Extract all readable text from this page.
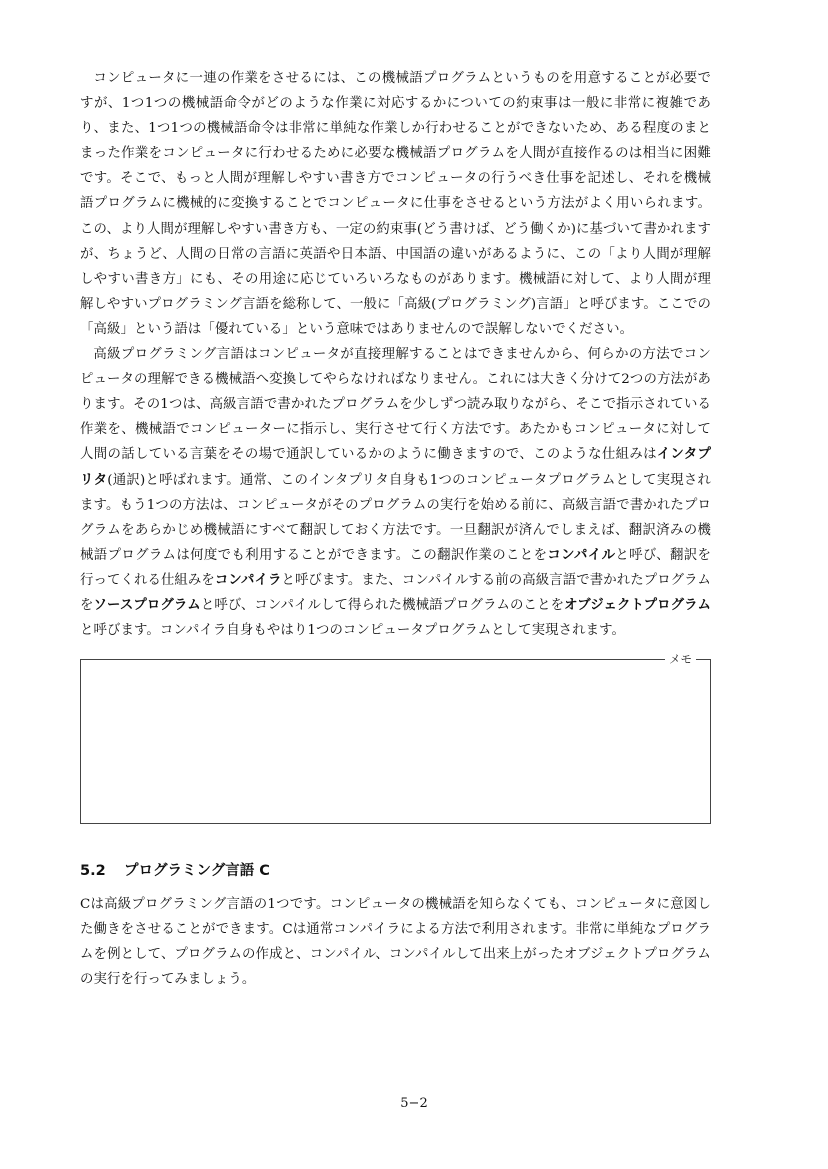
コンピュータに一連の作業をさせるには、この機械語プログラムというものを用意することが必要ですが、1つ1つの機械語命令がどのような作業に対応するかについての約束事は一般に非常に複雑であり、また、1つ1つの機械語命令は非常に単純な作業しか行わせることができないため、ある程度のまとまった作業をコンピュータに行わせるために必要な機械語プログラムを人間が直接作るのは相当に困難です。そこで、もっと人間が理解しやすい書き方でコンピュータの行うべき仕事を記述し、それを機械語プログラムに機械的に変換することでコンピュータに仕事をさせるという方法がよく用いられます。この、より人間が理解しやすい書き方も、一定の約束事(どう書けば、どう働くか)に基づいて書かれますが、ちょうど、人間の日常の言語に英語や日本語、中国語の違いがあるように、この「より人間が理解しやすい書き方」にも、その用途に応じていろいろなものがあります。機械語に対して、より人間が理解しやすいプログラミング言語を総称して、一般に「高級(プログラミング)言語」と呼びます。ここでの「高級」という語は「優れている」という意味ではありませんので誤解しないでください。

高級プログラミング言語はコンピュータが直接理解することはできませんから、何らかの方法でコンピュータの理解できる機械語へ変換してやらなければなりません。これには大きく分けて2つの方法があります。その1つは、高級言語で書かれたプログラムを少しずつ読み取りながら、そこで指示されている作業を、機械語でコンピューターに指示し、実行させて行く方法です。あたかもコンピュータに対して人間の話している言葉をその場で通訳しているかのように働きますので、このような仕組みはインタプリタ(通訳)と呼ばれます。通常、このインタプリタ自身も1つのコンピュータプログラムとして実現されます。もう1つの方法は、コンピュータがそのプログラムの実行を始める前に、高級言語で書かれたプログラムをあらかじめ機械語にすべて翻訳しておく方法です。一旦翻訳が済んでしまえば、翻訳済みの機械語プログラムは何度でも利用することができます。この翻訳作業のことをコンパイルと呼び、翻訳を行ってくれる仕組みをコンパイラと呼びます。また、コンパイルする前の高級言語で書かれたプログラムをソースプログラムと呼び、コンパイルして得られた機械語プログラムのことをオブジェクトプログラムと呼びます。コンパイラ自身もやはり1つのコンピュータプログラムとして実現されます。

メモ
5.2 プログラミング言語 C

Cは高級プログラミング言語の1つです。コンピュータの機械語を知らなくても、コンピュータに意図した働きをさせることができます。Cは通常コンパイラによる方法で利用されます。非常に単純なプログラムを例として、プログラムの作成と、コンパイル、コンパイルして出来上がったオブジェクトプログラムの実行を行ってみましょう。

5−2
